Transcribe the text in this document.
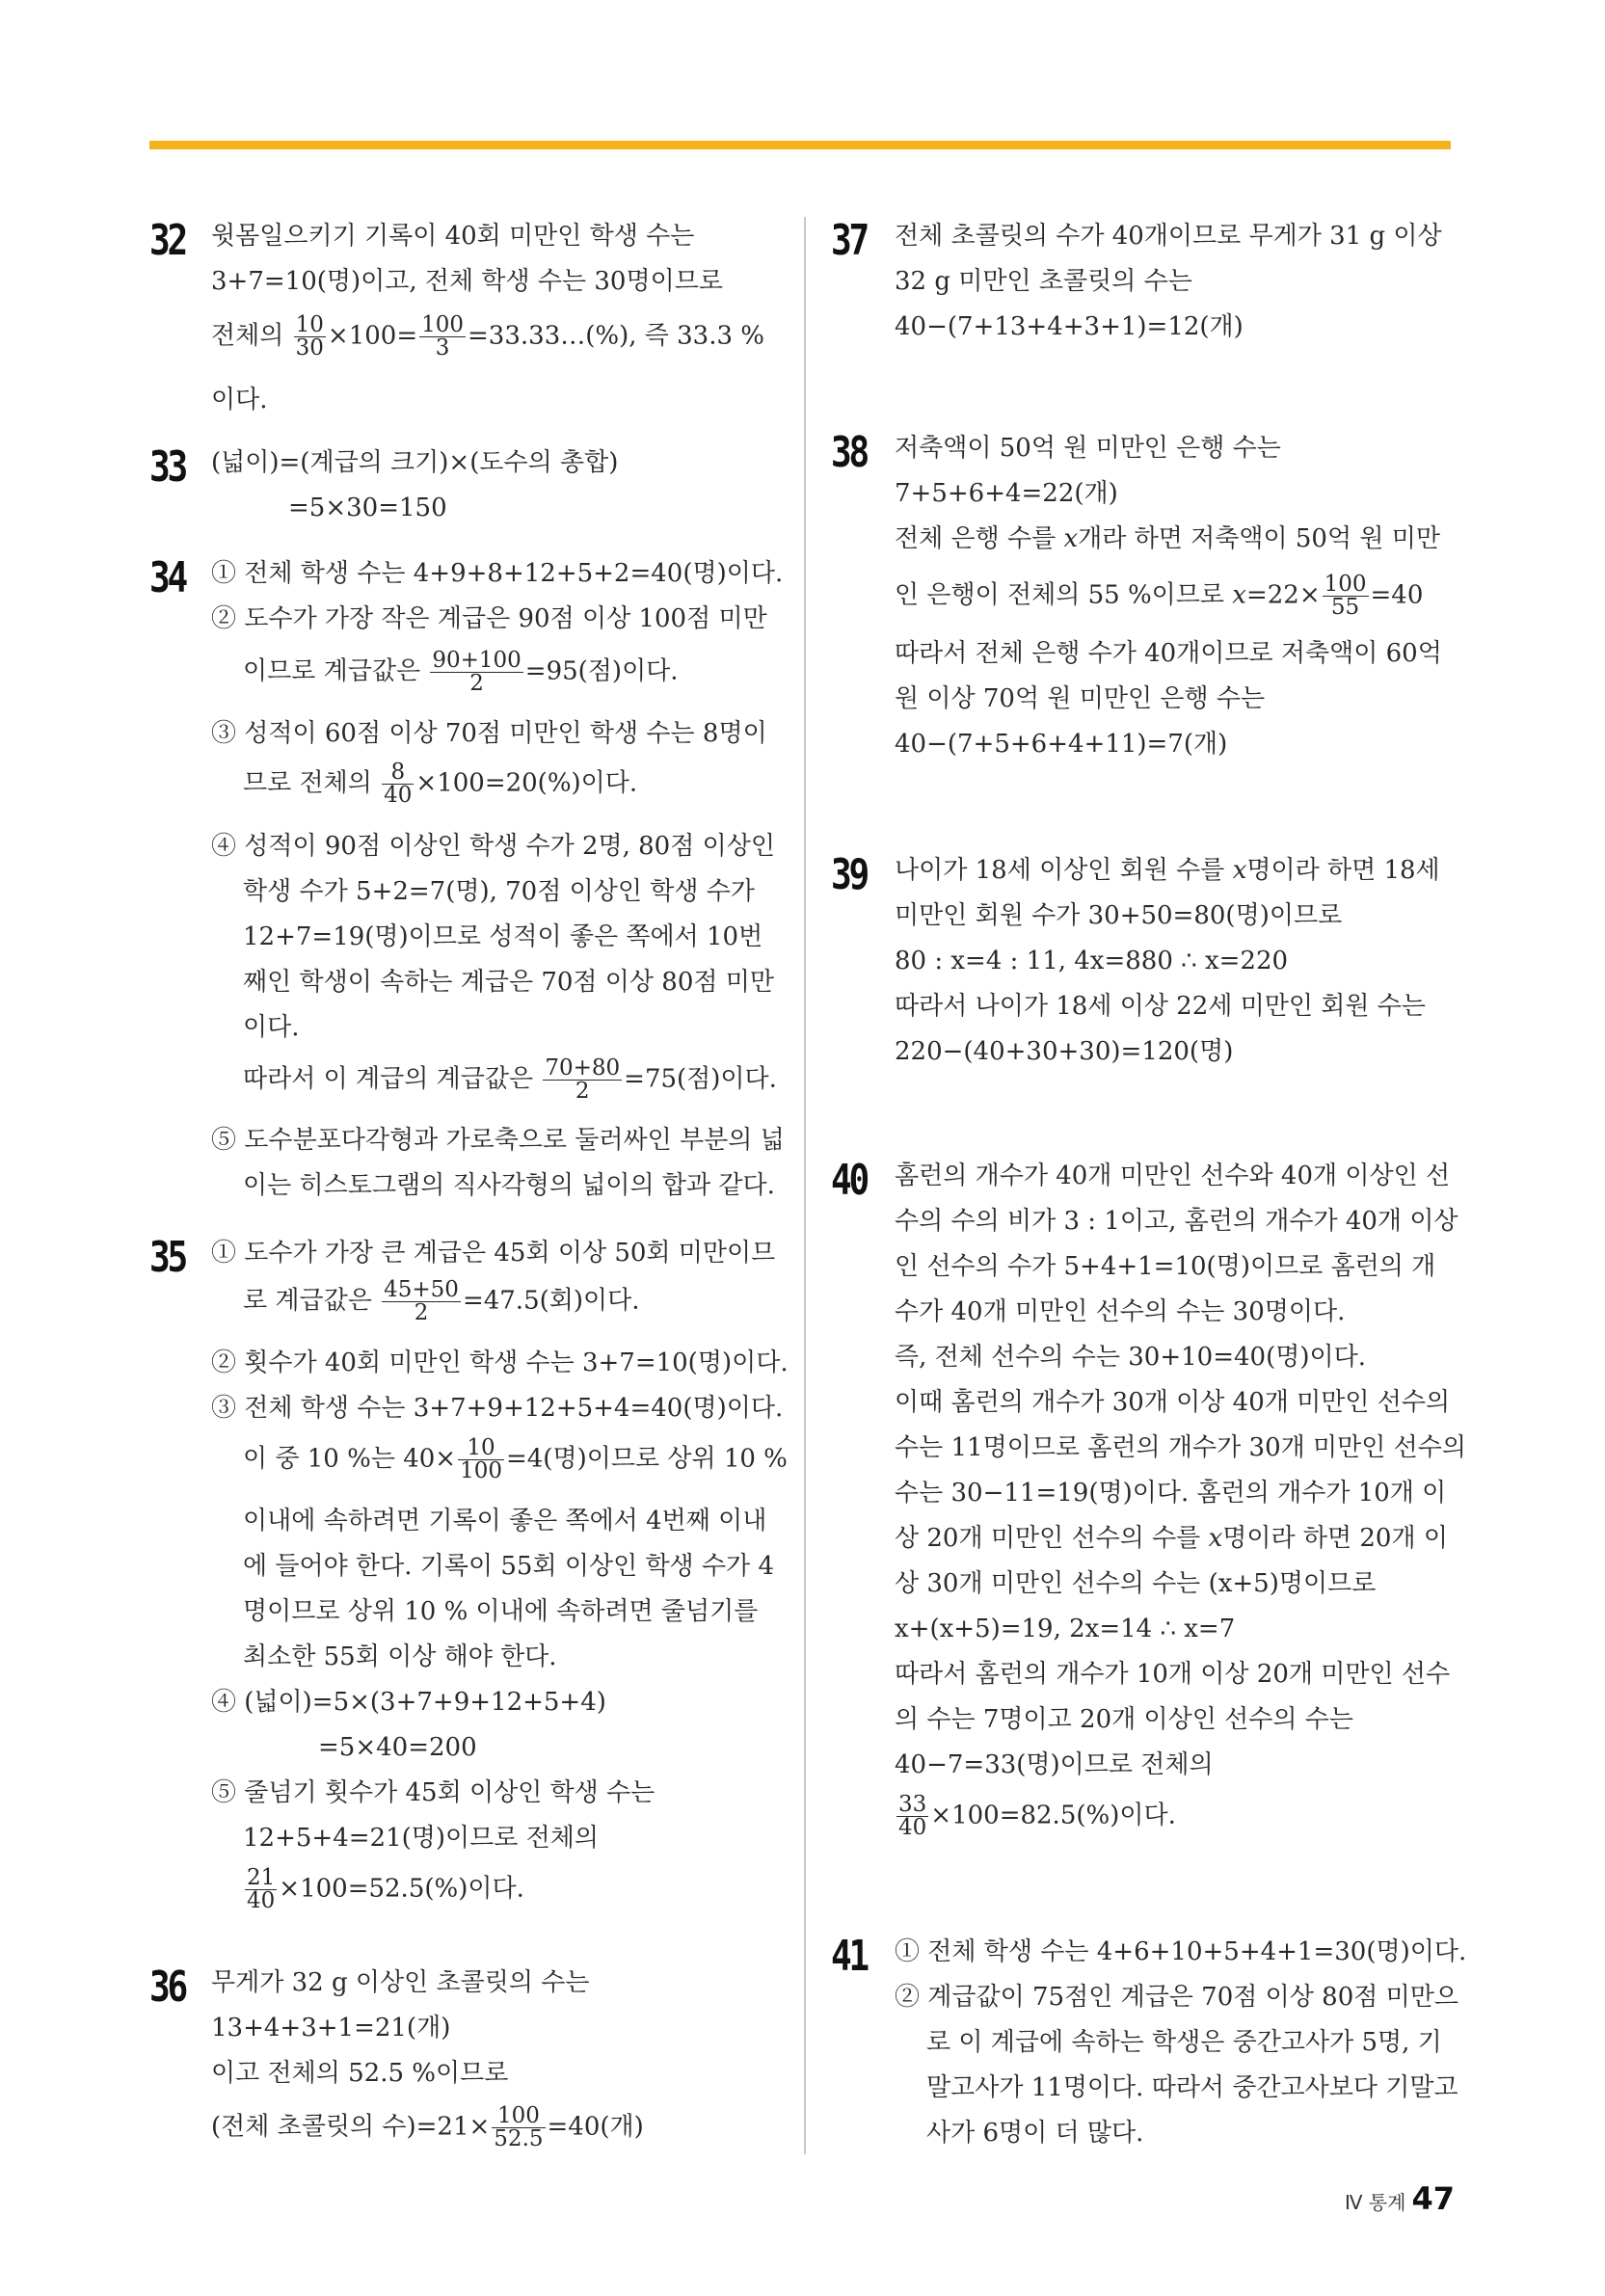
32 윗몸일으키기 기록이 40회 미만인 학생 수는
3+7=10(명)이고, 전체 학생 수는 30명이므로
전체의 $\frac{10}{30} \times 100= \frac{100}{3}$ =33.33…(%), 즉 33.3 %
이다.
33 (넓이)=(계급의 크기)×(도수의 총합)
=5×30=150
34 ① 전체 학생 수는 4+9+8+12+5+2=40(명)이다.
② 도수가 가장 작은 계급은 90점 이상 100점 미만
이므로 계급값은 $\frac{90+100}{2} =95$(점)이다.
③ 성적이 60점 이상 70점 미만인 학생 수는 8명이
므로 전체의 $\frac{8}{40} \times 100=20(\%)$이다.
④ 성적이 90점 이상인 학생 수가 2명, 80점 이상인
학생 수가 5+2=7(명), 70점 이상인 학생 수가
12+7=19(명)이므로 성적이 좋은 쪽에서 10번
째인 학생이 속하는 계급은 70점 이상 80점 미만
이다.
따라서 이 계급의 계급값은 $\frac{70+80}{2} =75$(점)이다.
⑤ 도수분포다각형과 가로축으로 둘러싸인 부분의 넓
이는 히스토그램의 직사각형의 넓이의 합과 같다.
35 ① 도수가 가장 큰 계급은 45회 이상 50회 미만이므
로 계급값은 $\frac{45+50}{2} =47.5$(회)이다.
② 횟수가 40회 미만인 학생 수는 3+7=10(명)이다.
③ 전체 학생 수는 3+7+9+12+5+4=40(명)이다.
이 중 10 %는 $40\times \frac{10}{100} =4$(명)이므로 상위 10 %
이내에 속하려면 기록이 좋은 쪽에서 4번째 이내
에 들어야 한다. 기록이 55회 이상인 학생 수가 4
명이므로 상위 10 % 이내에 속하려면 줄넘기를
최소한 55회 이상 해야 한다.
④ (넓이)=5×(3+7+9+12+5+4)
=5×40=200
⑤ 줄넘기 횟수가 45회 이상인 학생 수는
12+5+4=21(명)이므로 전체의
$\frac{21}{40} \times 100=52.5(\%)$이다.
36 무게가 32 g 이상인 초콜릿의 수는
13+4+3+1=21(개)
이고 전체의 52.5 %이므로
(전체 초콜릿의 수)$=21\times \frac{100}{52.5} =40$(개)
37 전체 초콜릿의 수가 40개이므로 무게가 31 g 이상
32 g 미만인 초콜릿의 수는
40−(7+13+4+3+1)=12(개)
38 저축액이 50억 원 미만인 은행 수는
7+5+6+4=22(개)
전체 은행 수를 x개라 하면 저축액이 50억 원 미만
인 은행이 전체의 55 %이므로 $x=22\times \frac{100}{55} =40$
따라서 전체 은행 수가 40개이므로 저축액이 60억
원 이상 70억 원 미만인 은행 수는
40−(7+5+6+4+11)=7(개)
39 나이가 18세 이상인 회원 수를 x명이라 하면 18세
미만인 회원 수가 30+50=80(명)이므로
80 : x=4 : 11, 4x=880 ∴ x=220
따라서 나이가 18세 이상 22세 미만인 회원 수는
220−(40+30+30)=120(명)
40 홈런의 개수가 40개 미만인 선수와 40개 이상인 선
수의 수의 비가 3 : 1이고, 홈런의 개수가 40개 이상
인 선수의 수가 5+4+1=10(명)이므로 홈런의 개
수가 40개 미만인 선수의 수는 30명이다.
즉, 전체 선수의 수는 30+10=40(명)이다.
이때 홈런의 개수가 30개 이상 40개 미만인 선수의
수는 11명이므로 홈런의 개수가 30개 미만인 선수의
수는 30−11=19(명)이다. 홈런의 개수가 10개 이
상 20개 미만인 선수의 수를 x명이라 하면 20개 이
상 30개 미만인 선수의 수는 (x+5)명이므로
x+(x+5)=19, 2x=14 ∴ x=7
따라서 홈런의 개수가 10개 이상 20개 미만인 선수
의 수는 7명이고 20개 이상인 선수의 수는
40−7=33(명)이므로 전체의
$\frac{33}{40} \times 100=82.5(\%)$이다.
41 ① 전체 학생 수는 4+6+10+5+4+1=30(명)이다.
② 계급값이 75점인 계급은 70점 이상 80점 미만으
로 이 계급에 속하는 학생은 중간고사가 5명, 기
말고사가 11명이다. 따라서 중간고사보다 기말고
사가 6명이 더 많다.
Ⅳ 통계 47
